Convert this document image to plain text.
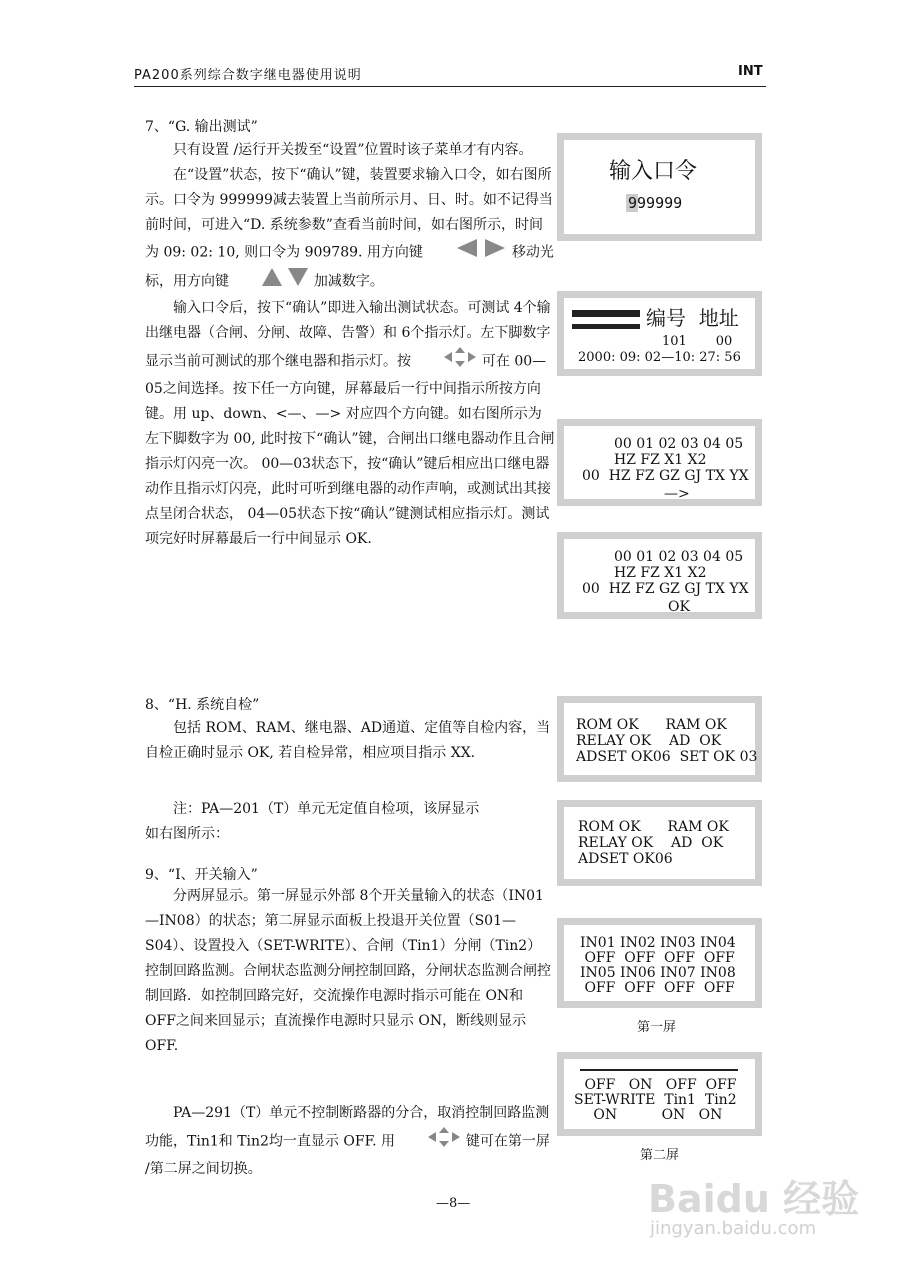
PA200系列综合数字继电器使用说明	INT
7、“G. 输出测试”

只有设置 /运行开关拨至“设置”位置时该子菜单才有内容。

在“设置”状态，按下“确认”键，装置要求输入口令，如右图所示。口令为 999999减去装置上当前所示月、日、时。如不记得当前时间，可进入“D. 系统参数”查看当前时间，如右图所示，时间为 09: 02: 10, 则口令为 909789. 用方向键	移动光标，用方向键	加减数字。

输入口令后，按下“确认”即进入输出测试状态。可测试 4个输出继电器（合闸、分闸、故障、告警）和 6个指示灯。左下脚数字显示当前可测试的那个继电器和指示灯。按	可在 00—05之间选择。按下任一方向键，屏幕最后一行中间指示所按方向键。用 up、down、<—、—> 对应四个方向键。如右图所示为左下脚数字为 00, 此时按下“确认”键，合闸出口继电器动作且合闸指示灯闪亮一次。 00—03状态下，按“确认”键后相应出口继电器动作且指示灯闪亮，此时可听到继电器的动作声响，或测试出其接点呈闭合状态， 04—05状态下按“确认”键测试相应指示灯。测试项完好时屏幕最后一行中间显示 OK.

输入口令
999999
编号  地址
101       00
2000: 09: 02—10: 27: 56
00 01 02 03 04 05
HZ FZ X1 X2
00  HZ FZ GZ GJ TX YX
—>
00 01 02 03 04 05
HZ FZ X1 X2
00  HZ FZ GZ GJ TX YX
OK
8、“H. 系统自检”

包括 ROM、RAM、继电器、AD通道、定值等自检内容，当自检正确时显示 OK, 若自检异常，相应项目指示 XX.

注：PA—201（T）单元无定值自检项，该屏显示

如右图所示：

ROM OK      RAM OK
RELAY OK    AD  OK
ADSET OK06  SET OK 03
ROM OK      RAM OK
RELAY OK    AD  OK
ADSET OK06
9、“I、开关输入”

分两屏显示。第一屏显示外部 8个开关量输入的状态（IN01—IN08）的状态；第二屏显示面板上投退开关位置（S01—S04）、设置投入（SET-WRITE）、合闸（Tin1）分闸（Tin2）控制回路监测。合闸状态监测分闸控制回路，分闸状态监测合闸控制回路．如控制回路完好，交流操作电源时指示可能在 ON和 OFF之间来回显示；直流操作电源时只显示 ON，断线则显示 OFF.

PA—291（T）单元不控制断路器的分合，取消控制回路监测功能，Tin1和 Tin2均一直显示 OFF. 用	键可在第一屏 /第二屏之间切换。

IN01 IN02 IN03 IN04
OFF  OFF  OFF  OFF
IN05 IN06 IN07 IN08
OFF  OFF  OFF  OFF
第一屏
OFF   ON   OFF  OFF
SET-WRITE  Tin1  Tin2
ON          ON   ON
第二屏
—8—	Baidu 经验
jingyan.baidu.com
